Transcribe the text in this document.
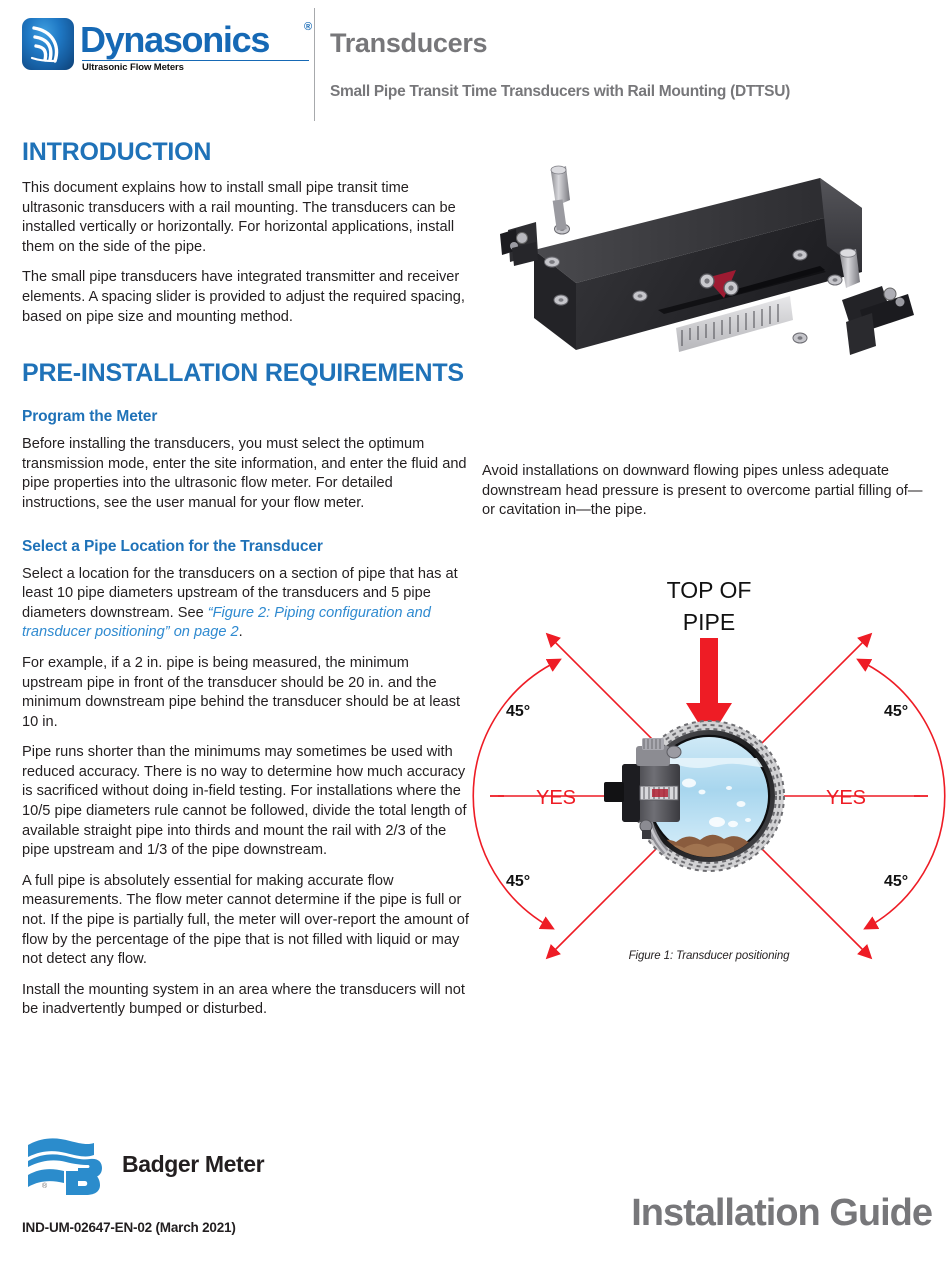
Dynasonics	®
Ultrasonic Flow Meters
Transducers
Small Pipe Transit Time Transducers with Rail Mounting (DTTSU)
INTRODUCTION

This document explains how to install small pipe transit time ultrasonic transducers with a rail mounting. The transducers can be installed vertically or horizontally. For horizontal applications, install them on the side of the pipe.

The small pipe transducers have integrated transmitter and receiver elements. A spacing slider is provided to adjust the required spacing, based on pipe size and mounting method.

PRE-INSTALLATION REQUIREMENTS
Program the Meter

Before installing the transducers, you must select the optimum transmission mode, enter the site information, and enter the fluid and pipe properties into the ultrasonic flow meter. For detailed instructions, see the user manual for your flow meter.

Select a Pipe Location for the Transducer

Select a location for the transducers on a section of pipe that has at least 10 pipe diameters upstream of the transducers and 5 pipe diameters downstream. See “Figure 2: Piping configuration and transducer positioning” on page 2.

For example, if a 2 in. pipe is being measured, the minimum upstream pipe in front of the transducer should be 20 in. and the minimum downstream pipe behind the transducer should be at least 10 in.

Pipe runs shorter than the minimums may sometimes be used with reduced accuracy. There is no way to determine how much accuracy is sacrificed without doing in-field testing. For installations where the 10/5 pipe diameters rule cannot be followed, divide the total length of available straight pipe into thirds and mount the rail with 2/3 of the pipe upstream and 1/3 of the pipe downstream.

A full pipe is absolutely essential for making accurate flow measurements. The flow meter cannot determine if the pipe is full or not. If the pipe is partially full, the meter will over-report the amount of flow by the percentage of the pipe that is not filled with liquid or may not detect any flow.

Install the mounting system in an area where the transducers will not be inadvertently bumped or disturbed.

Avoid installations on downward flowing pipes unless adequate downstream head pressure is present to overcome partial filling of—or cavitation in—the pipe.

TOP OF
PIPE
45°	45°
45°	45°
YES	YES
Figure 1: Transducer positioning
Badger Meter
®
IND-UM-02647-EN-02 (March 2021)	Installation Guide
